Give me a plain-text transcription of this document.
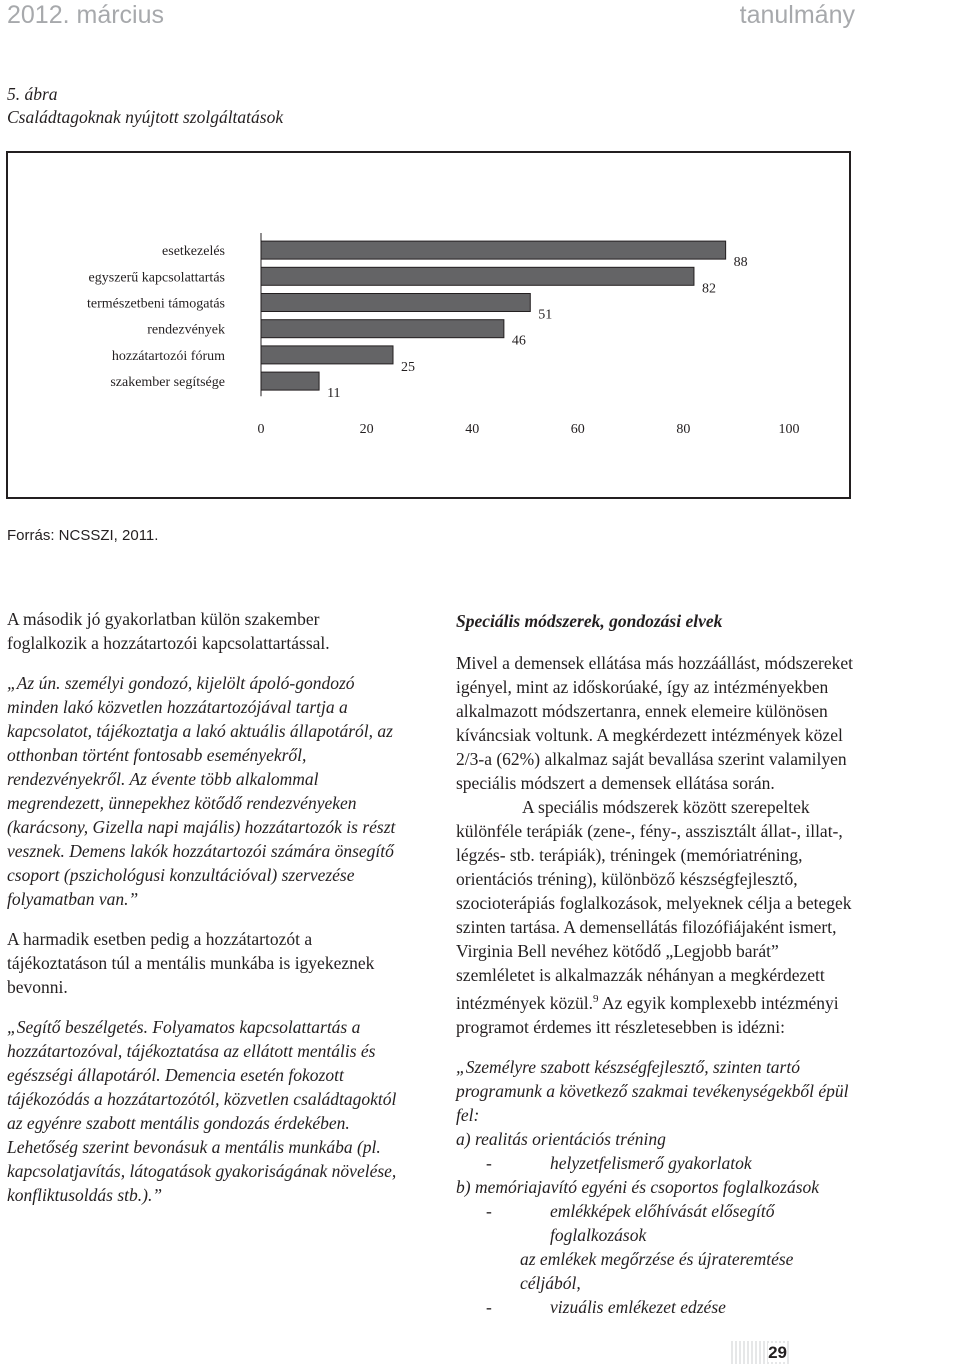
2012. március	tanulmány
5. ábra
Családtagoknak nyújtott szolgáltatások
esetkezelés
88
egyszerű kapcsolattartás
82
természetbeni támogatás
51
rendezvények
46
hozzátartozói fórum
25
szakember segítsége
11
0	20	40	60	80	100
Forrás: NCSSZI, 2011.

A második jó gyakorlatban külön szakember foglalkozik a hozzátartozói kapcsolattartással.

„Az ún. személyi gondozó, kijelölt ápoló-gondozó minden lakó közvetlen hozzátartozójával tartja a kapcsolatot, tájékoztatja a lakó aktuális állapotáról, az otthonban történt fontosabb eseményekről, rendezvényekről. Az évente több alkalommal megrendezett, ünnepekhez kötődő rendezvényeken (karácsony, Gizella napi majális) hozzátartozók is részt vesznek. Demens lakók hozzátartozói számára önsegítő csoport (pszichológusi konzultációval) szervezése folyamatban van.”

A harmadik esetben pedig a hozzátartozót a tájékoztatáson túl a mentális munkába is igyekeznek bevonni.

„Segítő beszélgetés. Folyamatos kapcsolattartás a hozzátartozóval, tájékoztatása az ellátott mentális és egészségi állapotáról. Demencia esetén fokozott tájékozódás a hozzátartozótól, közvetlen családtagoktól az egyénre szabott mentális gondozás érdekében. Lehetőség szerint bevonásuk a mentális munkába (pl. kapcsolatjavítás, látogatások gyakoriságának növelése, konfliktusoldás stb.).”

Speciális módszerek, gondozási elvek

Mivel a demensek ellátása más hozzáállást, módszereket igényel, mint az időskorúaké, így az intézményekben alkalmazott módszertanra, ennek elemeire különösen kíváncsiak voltunk. A megkérdezett intézmények közel 2/3-a (62%) alkalmaz saját bevallása szerint valamilyen speciális módszert a demensek ellátása során.

A speciális módszerek között szerepeltek különféle terápiák (zene-, fény-, asszisztált állat-, illat-, légzés- stb. terápiák), tréningek (memóriatréning, orientációs tréning), különböző készségfejlesztő, szocioterápiás foglalkozások, melyeknek célja a betegek szinten tartása. A demensellátás filozófiájaként ismert, Virginia Bell nevéhez kötődő „Legjobb barát” szemléletet is alkalmazzák néhányan a megkérdezett intézmények közül.$^9$ Az egyik komplexebb intézményi programot érdemes itt részletesebben is idézni:

„Személyre szabott készségfejlesztő, szinten tartó programunk a következő szakmai tevékenységekből épül fel:

a) realitás orientációs tréning

-	helyzetfelismerő gyakorlatok

b) memóriajavító egyéni és csoportos foglalkozások

-	emlékképek előhívását elősegítő foglalkozások

az emlékek megőrzése és újrateremtése céljából,

-	vizuális emlékezet edzése
29
